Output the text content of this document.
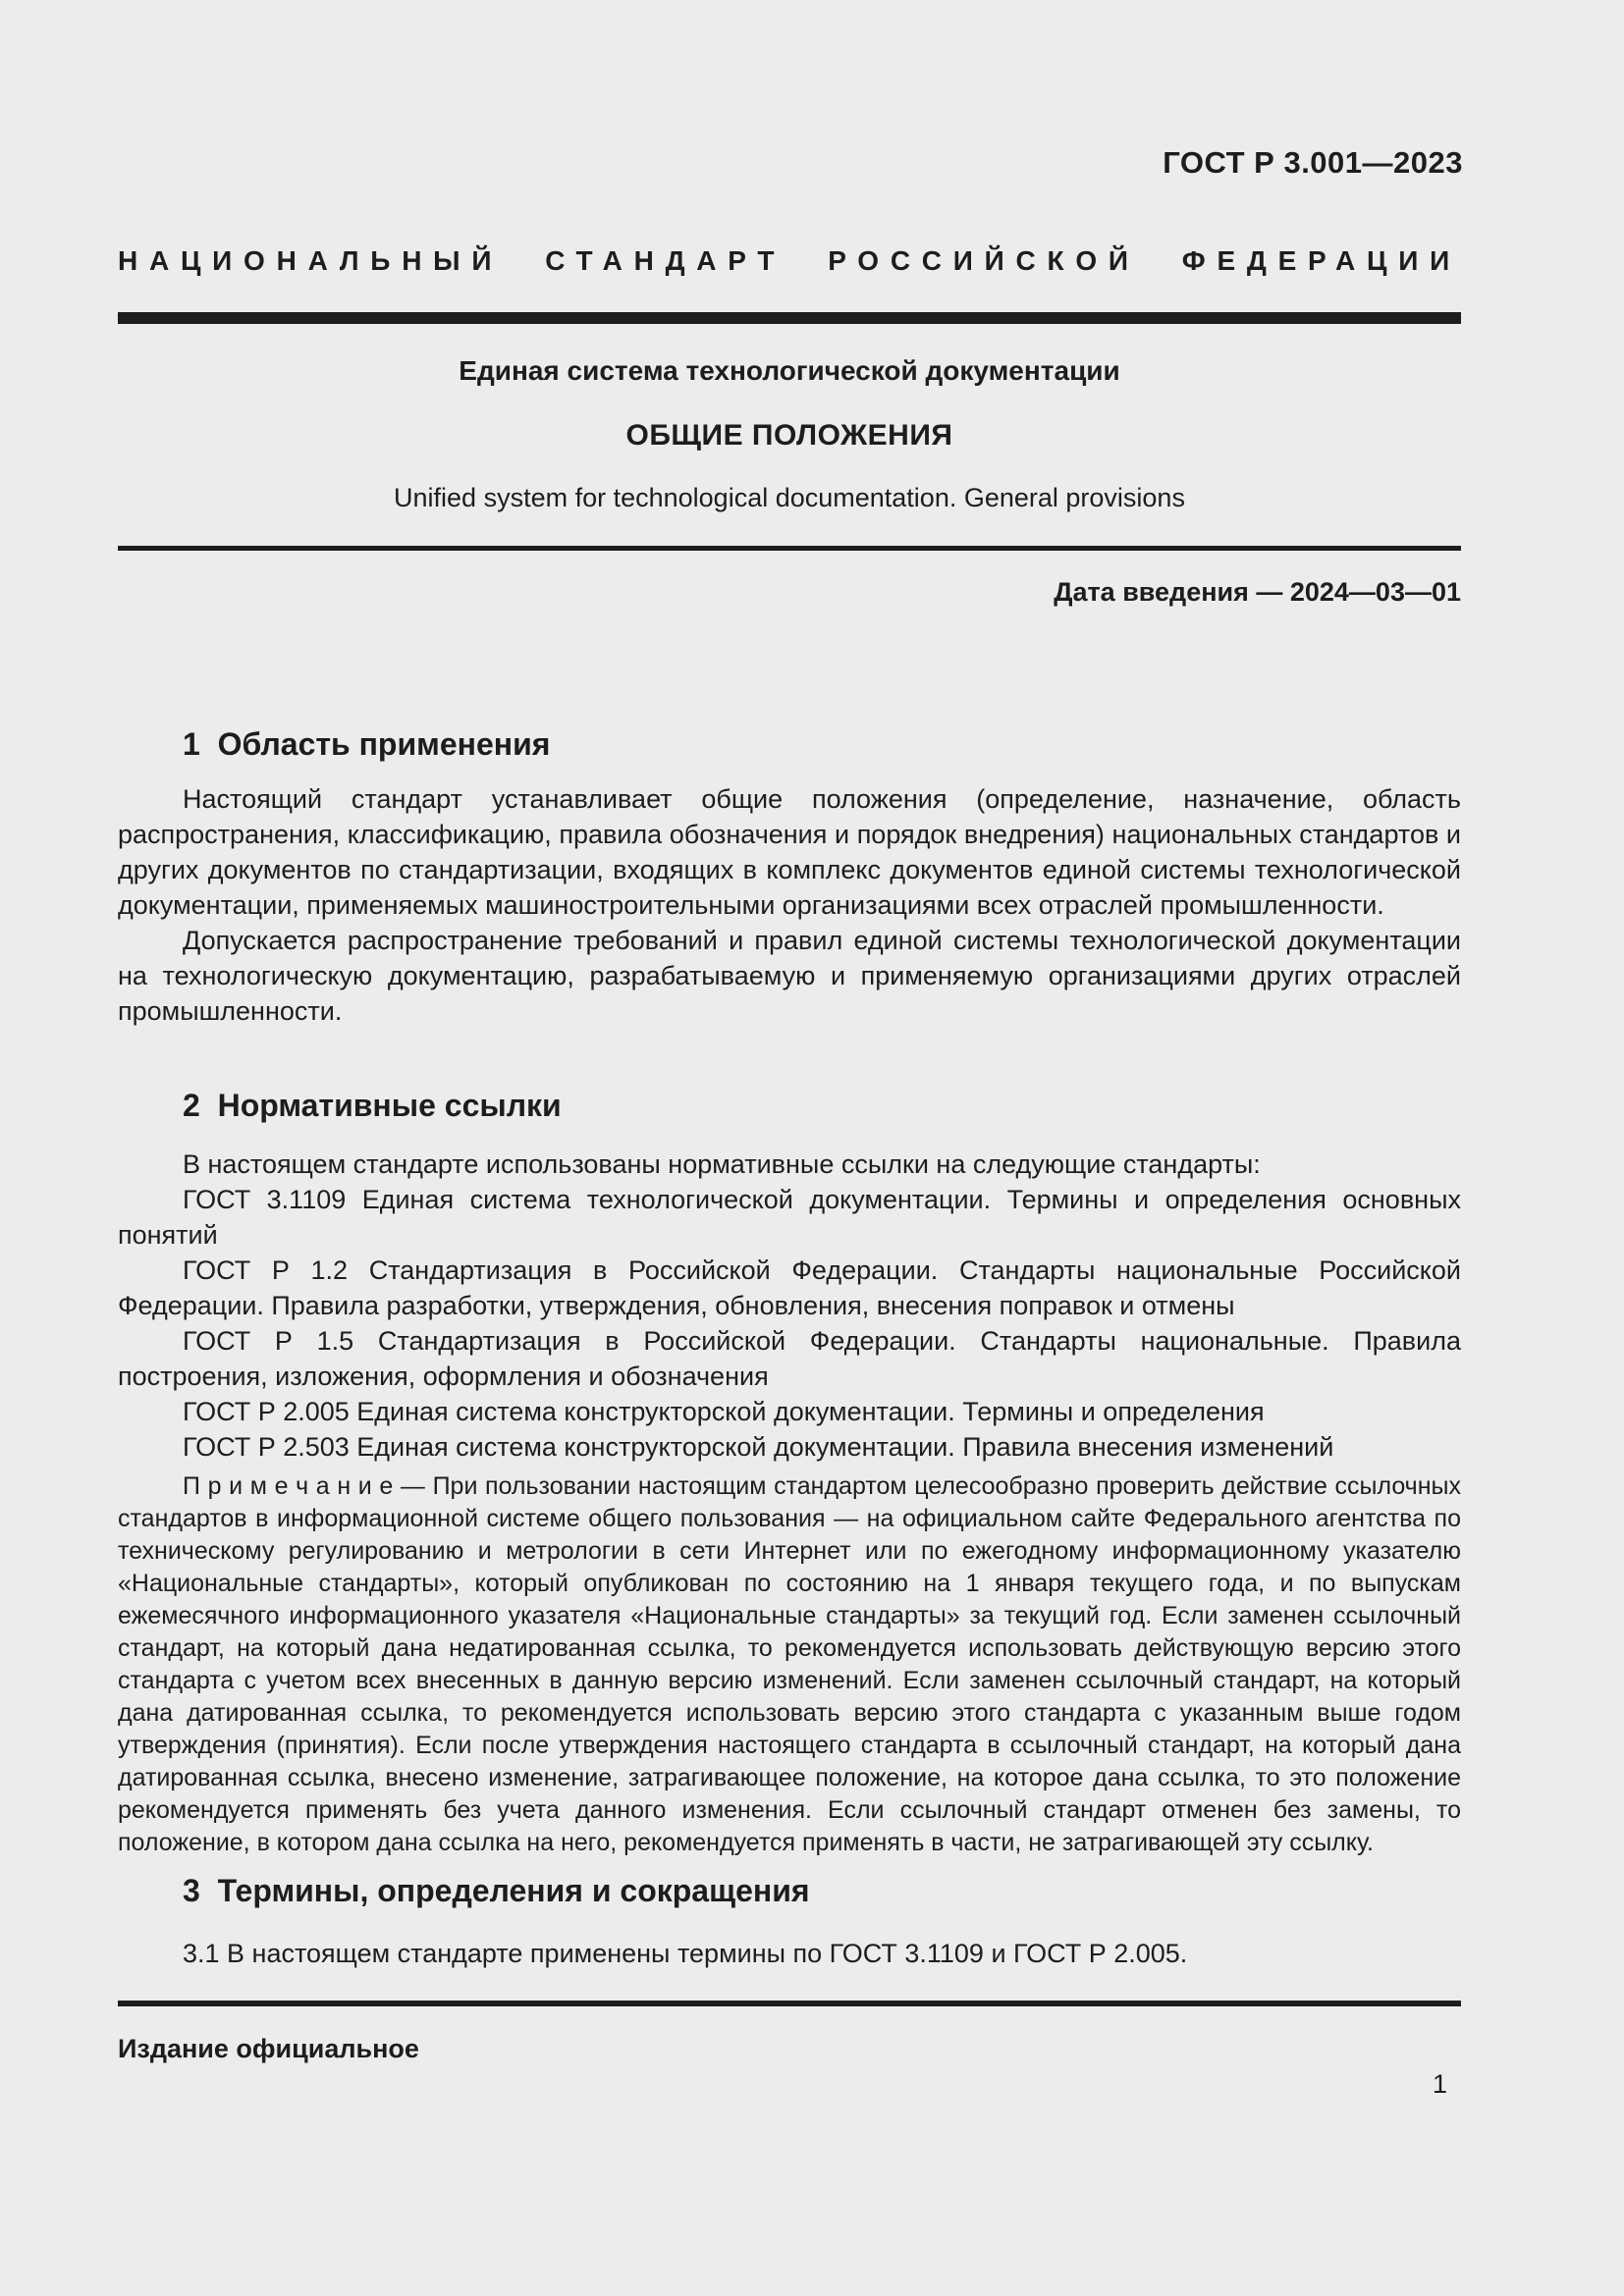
ГОСТ Р 3.001—2023
НАЦИОНАЛЬНЫЙ СТАНДАРТ РОССИЙСКОЙ ФЕДЕРАЦИИ
Единая система технологической документации
ОБЩИЕ ПОЛОЖЕНИЯ
Unified system for technological documentation. General provisions
Дата введения — 2024—03—01
1  Область применения

Настоящий стандарт устанавливает общие положения (определение, назначение, область распространения, классификацию, правила обозначения и порядок внедрения) национальных стандартов и других документов по стандартизации, входящих в комплекс документов единой системы технологической документации, применяемых машиностроительными организациями всех отраслей промышленности.

Допускается распространение требований и правил единой системы технологической документации на технологическую документацию, разрабатываемую и применяемую организациями других отраслей промышленности.

2  Нормативные ссылки

В настоящем стандарте использованы нормативные ссылки на следующие стандарты:

ГОСТ 3.1109 Единая система технологической документации. Термины и определения основных понятий

ГОСТ Р 1.2 Стандартизация в Российской Федерации. Стандарты национальные Российской Федерации. Правила разработки, утверждения, обновления, внесения поправок и отмены

ГОСТ Р 1.5 Стандартизация в Российской Федерации. Стандарты национальные. Правила построения, изложения, оформления и обозначения

ГОСТ Р 2.005 Единая система конструкторской документации. Термины и определения

ГОСТ Р 2.503 Единая система конструкторской документации. Правила внесения изменений

П р и м е ч а н и е — При пользовании настоящим стандартом целесообразно проверить действие ссылочных стандартов в информационной системе общего пользования — на официальном сайте Федерального агентства по техническому регулированию и метрологии в сети Интернет или по ежегодному информационному указателю «Национальные стандарты», который опубликован по состоянию на 1 января текущего года, и по выпускам ежемесячного информационного указателя «Национальные стандарты» за текущий год. Если заменен ссылочный стандарт, на который дана недатированная ссылка, то рекомендуется использовать действующую версию этого стандарта с учетом всех внесенных в данную версию изменений. Если заменен ссылочный стандарт, на который дана датированная ссылка, то рекомендуется использовать версию этого стандарта с указанным выше годом утверждения (принятия). Если после утверждения настоящего стандарта в ссылочный стандарт, на который дана датированная ссылка, внесено изменение, затрагивающее положение, на которое дана ссылка, то это положение рекомендуется применять без учета данного изменения. Если ссылочный стандарт отменен без замены, то положение, в котором дана ссылка на него, рекомендуется применять в части, не затрагивающей эту ссылку.

3  Термины, определения и сокращения

3.1 В настоящем стандарте применены термины по ГОСТ 3.1109 и ГОСТ Р 2.005.

Издание официальное
1
